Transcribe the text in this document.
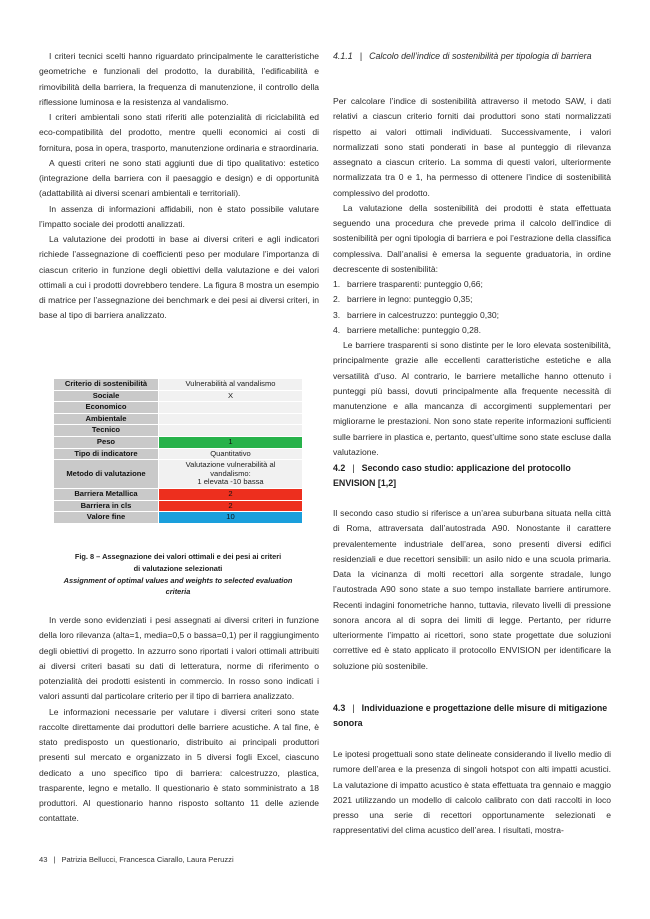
I criteri tecnici scelti hanno riguardato principalmente le caratteristiche geometriche e funzionali del prodotto, la durabilità, l’edificabilità e rimovibilità della barriera, la frequenza di manutenzione, il controllo della riflessione luminosa e la resistenza al vandalismo.

I criteri ambientali sono stati riferiti alle potenzialità di riciclabilità ed eco-compatibilità del prodotto, mentre quelli economici ai costi di fornitura, posa in opera, trasporto, manutenzione ordinaria e straordinaria.

A questi criteri ne sono stati aggiunti due di tipo qualitativo: estetico (integrazione della barriera con il paesaggio e design) e di opportunità (adattabilità ai diversi scenari ambientali e territoriali).

In assenza di informazioni affidabili, non è stato possibile valutare l’impatto sociale dei prodotti analizzati.

La valutazione dei prodotti in base ai diversi criteri e agli indicatori richiede l’assegnazione di coefficienti peso per modulare l’importanza di ciascun criterio in funzione degli obiettivi della valutazione e dei valori ottimali a cui i prodotti dovrebbero tendere. La figura 8 mostra un esempio di matrice per l’assegnazione dei benchmark e dei pesi ai diversi criteri, in base al tipo di barriera analizzato.

Criterio di sostenibilità	Vulnerabilità al vandalismo
Sociale	X
Economico	
Ambientale	
Tecnico	
Peso	1
Tipo di indicatore	Quantitativo
Metodo di valutazione	Valutazione vulnerabilità al
vandalismo:
1 elevata -10 bassa

Barriera Metallica	2
Barriera in cls	2
Valore fine	10
Fig. 8 – Assegnazione dei valori ottimali e dei pesi ai criteri
di valutazione selezionati
Assignment of optimal values and weights to selected evaluation
criteria

In verde sono evidenziati i pesi assegnati ai diversi criteri in funzione della loro rilevanza (alta=1, media=0,5 o bassa=0,1) per il raggiungimento degli obiettivi di progetto. In azzurro sono riportati i valori ottimali attribuiti ai diversi criteri basati su dati di letteratura, norme di riferimento o potenzialità dei prodotti esistenti in commercio. In rosso sono indicati i valori assunti dal particolare criterio per il tipo di barriera analizzato.

Le informazioni necessarie per valutare i diversi criteri sono state raccolte direttamente dai produttori delle barriere acustiche. A tal fine, è stato predisposto un questionario, distribuito ai principali produttori presenti sul mercato e organizzato in 5 diversi fogli Excel, ciascuno dedicato a uno specifico tipo di barriera: calcestruzzo, plastica, trasparente, legno e metallo. Il questionario è stato somministrato a 18 produttori. Al questionario hanno risposto soltanto 11 delle aziende contattate.

4.1.1 | Calcolo dell’indice di sostenibilità per tipologia di barriera

Per calcolare l’indice di sostenibilità attraverso il metodo SAW, i dati relativi a ciascun criterio forniti dai produttori sono stati normalizzati rispetto ai valori ottimali individuati. Successivamente, i valori normalizzati sono stati ponderati in base al punteggio di rilevanza assegnato a ciascun criterio. La somma di questi valori, ulteriormente normalizzata tra 0 e 1, ha permesso di ottenere l’indice di sostenibilità complessivo del prodotto.

La valutazione della sostenibilità dei prodotti è stata effettuata seguendo una procedura che prevede prima il calcolo dell’indice di sostenibilità per ogni tipologia di barriera e poi l’estrazione della classifica complessiva. Dall’analisi è emersa la seguente graduatoria, in ordine decrescente di sostenibilità:

1. barriere trasparenti: punteggio 0,66;
2. barriere in legno: punteggio 0,35;
3. barriere in calcestruzzo: punteggio 0,30;
4. barriere metalliche: punteggio 0,28.

Le barriere trasparenti si sono distinte per le loro elevata sostenibilità, principalmente grazie alle eccellenti caratteristiche estetiche e alla versatilità d’uso. Al contrario, le barriere metalliche hanno ottenuto i punteggi più bassi, dovuti principalmente alla frequente necessità di manutenzione e alla mancanza di accorgimenti supplementari per migliorarne le prestazioni. Non sono state reperite informazioni sufficienti sulle barriere in plastica e, pertanto, quest’ultime sono state escluse dalla valutazione.

4.2 | Secondo caso studio: applicazione del protocollo ENVISION [1,2]

Il secondo caso studio si riferisce a un’area suburbana situata nella città di Roma, attraversata dall’autostrada A90. Nonostante il carattere prevalentemente industriale dell’area, sono presenti diversi edifici residenziali e due recettori sensibili: un asilo nido e una scuola primaria. Data la vicinanza di molti recettori alla sorgente stradale, lungo l’autostrada A90 sono state a suo tempo installate barriere antirumore. Recenti indagini fonometriche hanno, tuttavia, rilevato livelli di pressione sonora ancora al di sopra dei limiti di legge. Pertanto, per ridurre ulteriormente l’impatto ai ricettori, sono state progettate due soluzioni correttive ed è stato applicato il protocollo ENVISION per identificare la soluzione più sostenibile.

4.3 | Individuazione e progettazione delle misure di mitigazione sonora

Le ipotesi progettuali sono state delineate considerando il livello medio di rumore dell’area e la presenza di singoli hotspot con alti impatti acustici. La valutazione di impatto acustico è stata effettuata tra gennaio e maggio 2021 utilizzando un modello di calcolo calibrato con dati raccolti in loco presso una serie di recettori opportunamente selezionati e rappresentativi del clima acustico dell’area. I risultati, mostra-

43 | Patrizia Bellucci, Francesca Ciarallo, Laura Peruzzi
